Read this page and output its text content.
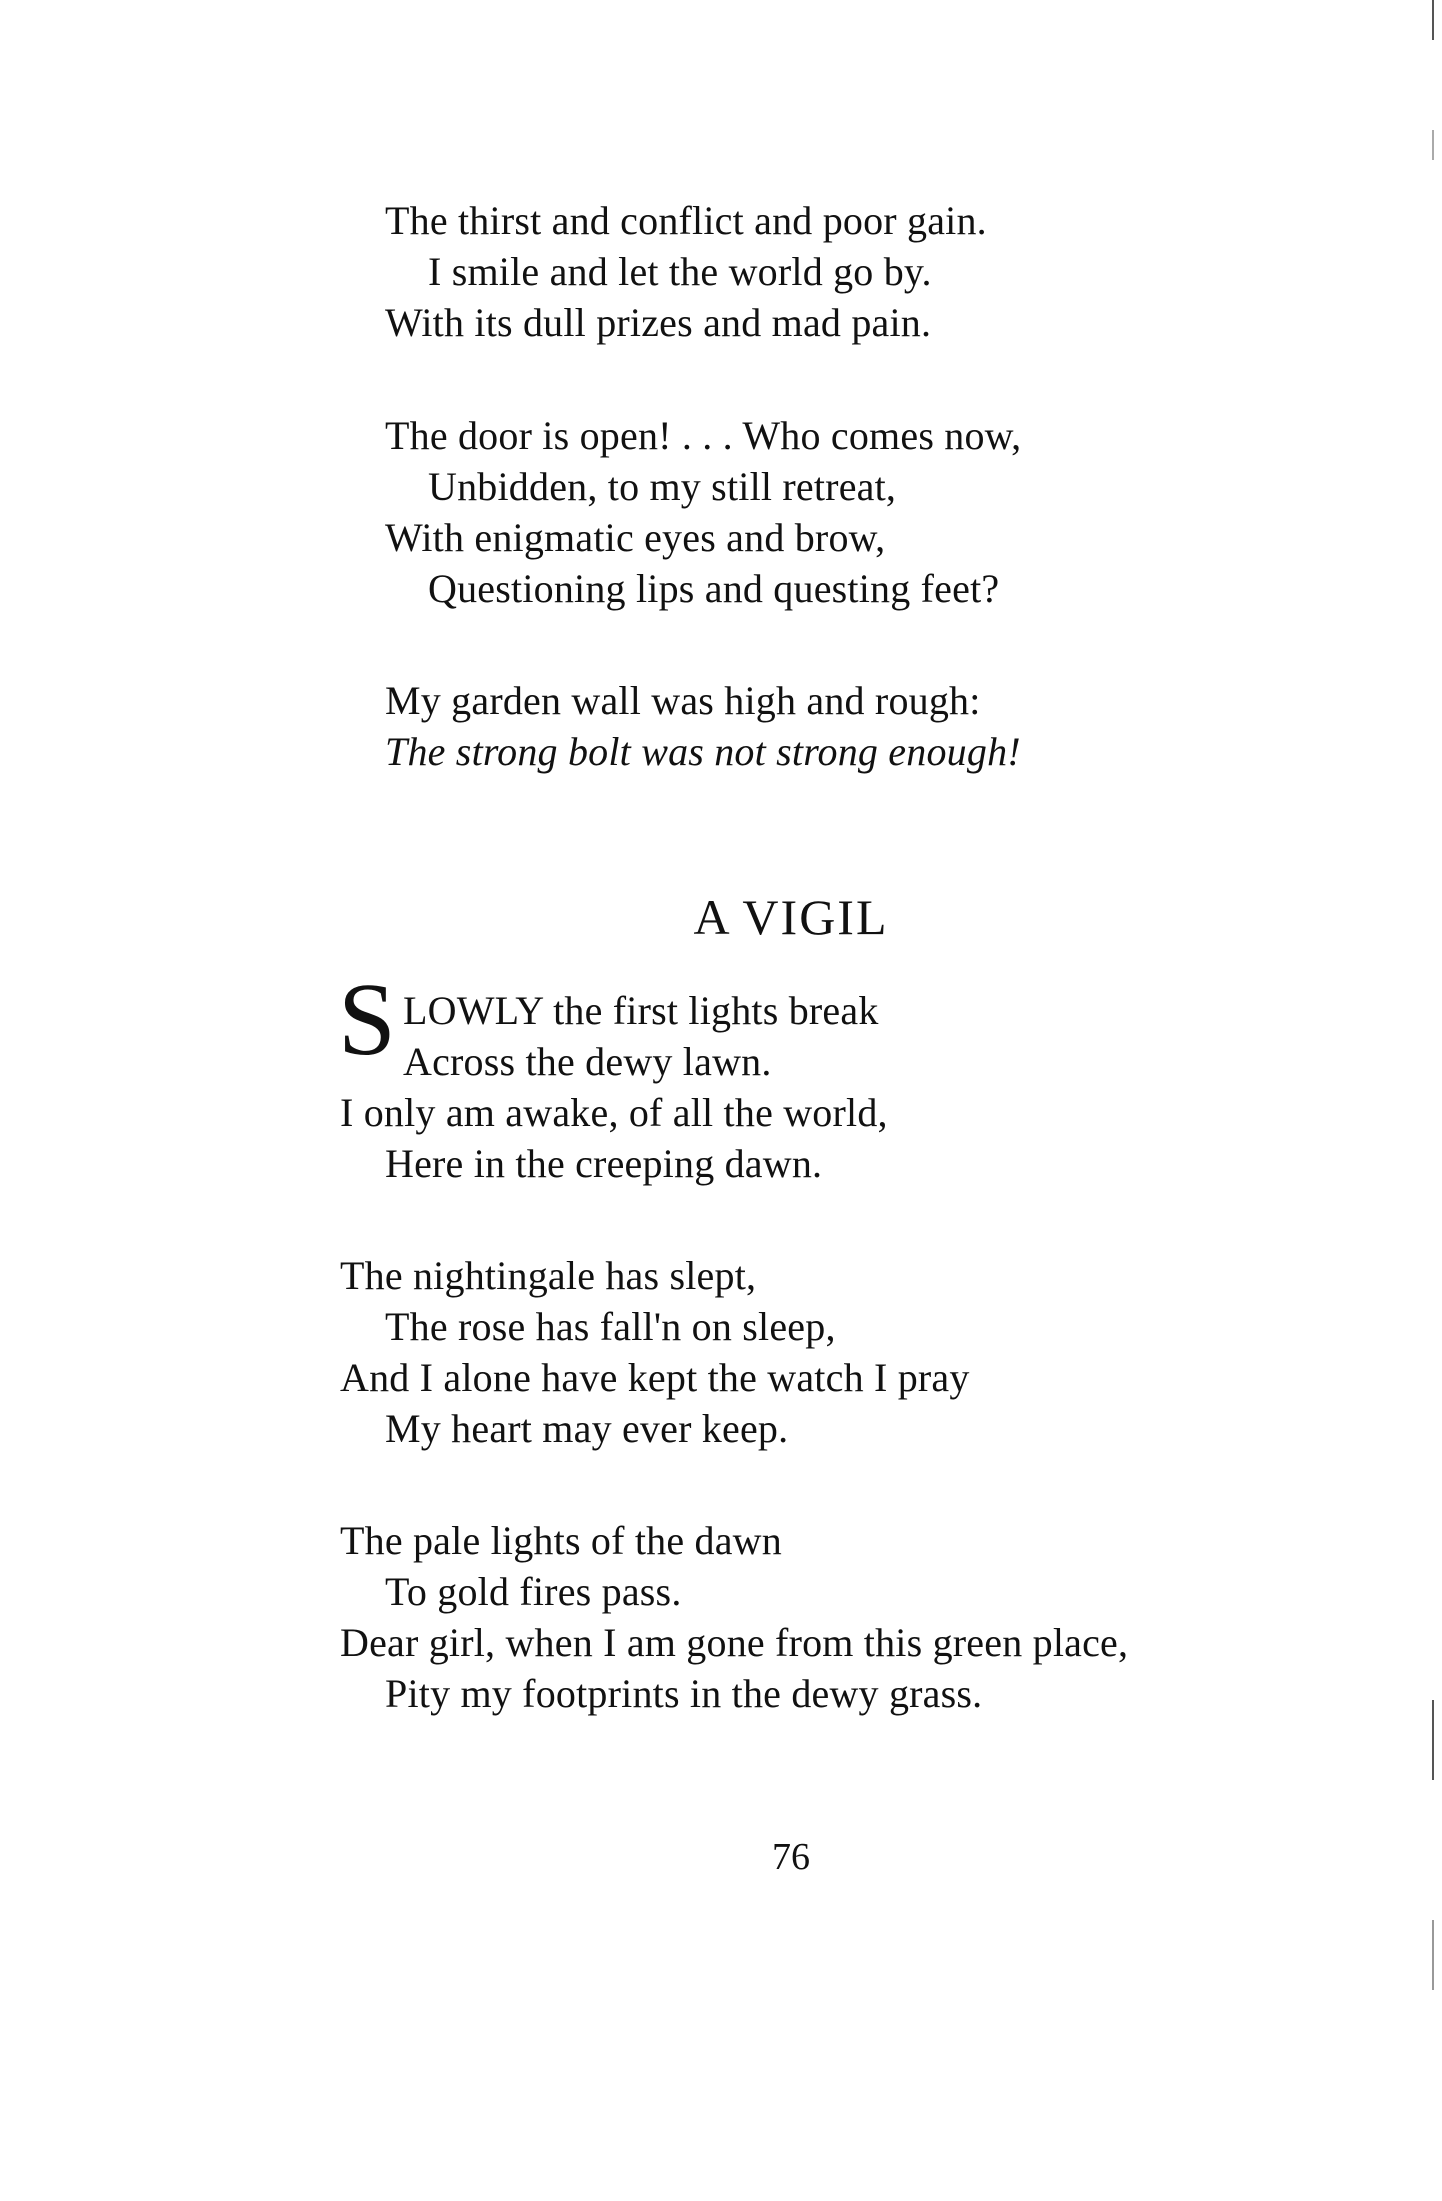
The thirst and conflict and poor gain.
I smile and let the world go by.
With its dull prizes and mad pain.
The door is open! . . . Who comes now,
Unbidden, to my still retreat,
With enigmatic eyes and brow,
Questioning lips and questing feet?
My garden wall was high and rough:
The strong bolt was not strong enough!
A VIGIL
S LOWLY the first lights break
Across the dewy lawn.
I only am awake, of all the world,
Here in the creeping dawn.
The nightingale has slept,
The rose has fall'n on sleep,
And I alone have kept the watch I pray
My heart may ever keep.
The pale lights of the dawn
To gold fires pass.
Dear girl, when I am gone from this green place,
Pity my footprints in the dewy grass.
76
